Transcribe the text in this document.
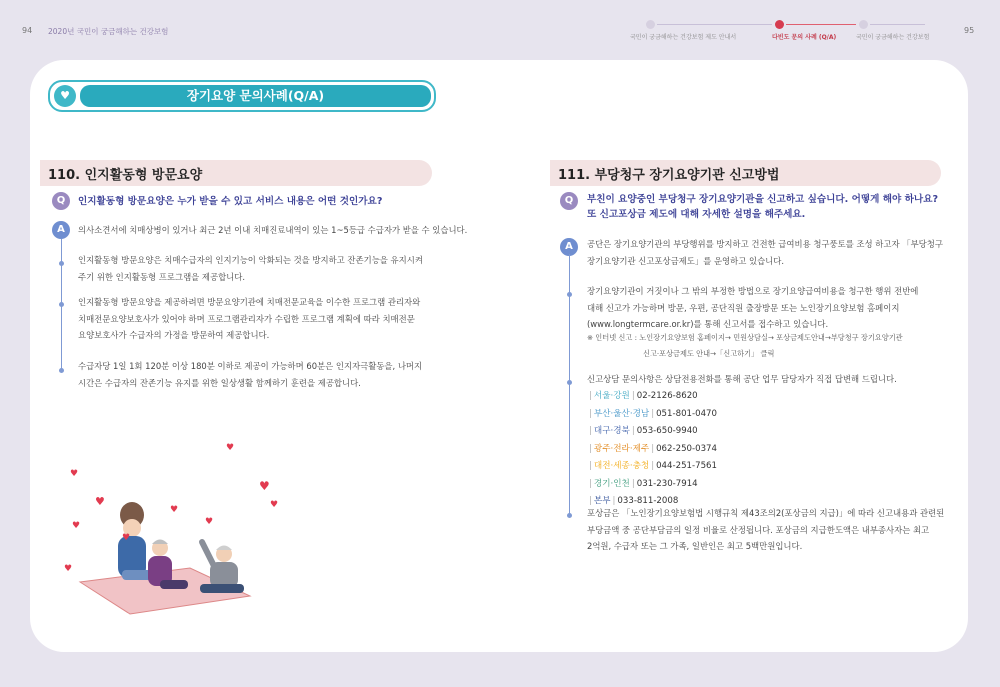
94 2020년 국민이 궁금해하는 건강보험	95
국민이 궁금해하는 건강보험 제도 안내서	다빈도 문의 사례 (Q/A)	국민이 궁금해하는 건강보험
♥	장기요양 문의사례(Q/A)
110. 인지활동형 방문요양
Q	인지활동형 방문요양은 누가 받을 수 있고 서비스 내용은 어떤 것인가요?
A	의사소견서에 치매상병이 있거나 최근 2년 이내 치매진료내역이 있는 1~5등급 수급자가 받을 수 있습니다.
인지활동형 방문요양은 치매수급자의 인지기능이 악화되는 것을 방지하고 잔존기능을 유지시켜
주기 위한 인지활동형 프로그램을 제공합니다.
인지활동형 방문요양을 제공하려면 방문요양기관에 치매전문교육을 이수한 프로그램 관리자와
치매전문요양보호사가 있어야 하며 프로그램관리자가 수립한 프로그램 계획에 따라 치매전문
요양보호사가 수급자의 가정을 방문하여 제공합니다.
수급자당 1일 1회 120분 이상 180분 이하로 제공이 가능하며 60분은 인지자극활동을, 나머지
시간은 수급자의 잔존기능 유지를 위한 일상생활 함께하기 훈련을 제공합니다.
♥
♥
♥
♥
♥
♥
♥
♥
♥
♥
111. 부당청구 장기요양기관 신고방법
Q	부친이 요양중인 부당청구 장기요양기관을 신고하고 싶습니다. 어떻게 해야 하나요?
또 신고포상금 제도에 대해 자세한 설명을 해주세요.
A	공단은 장기요양기관의 부당행위를 방지하고 건전한 급여비용 청구풍토를 조성 하고자 「부당청구
장기요양기관 신고포상금제도」를 운영하고 있습니다.
장기요양기관이 거짓이나 그 밖의 부정한 방법으로 장기요양급여비용을 청구한 행위 전반에
대해 신고가 가능하며 방문, 우편, 공단직원 출장방문 또는 노인장기요양보험 홈페이지
(www.longtermcare.or.kr)를 통해 신고서를 접수하고 있습니다.
※ 인터넷 신고 : 노인장기요양보험 홈페이지→ 민원상담실→ 포상금제도안내→부당청구 장기요양기관
신고·포상금제도 안내→「신고하기」 클릭
신고상담 문의사항은 상담전용전화를 통해 공단 업무 담당자가 직접 답변해 드립니다.
| 서울·강원 | 02-2126-8620
| 부산·울산·경남 | 051-801-0470
| 대구·경북 | 053-650-9940
| 광주·전라·제주 | 062-250-0374
| 대전·세종·충청 | 044-251-7561
| 경기·인천 | 031-230-7914
| 본부 | 033-811-2008
포상금은 「노인장기요양보험법 시행규칙 제43조의2(포상금의 지급)」에 따라 신고내용과 관련된
부당금액 중 공단부담금의 일정 비율로 산정됩니다. 포상금의 지급한도액은 내부종사자는 최고
2억원, 수급자 또는 그 가족, 일반인은 최고 5백만원입니다.
